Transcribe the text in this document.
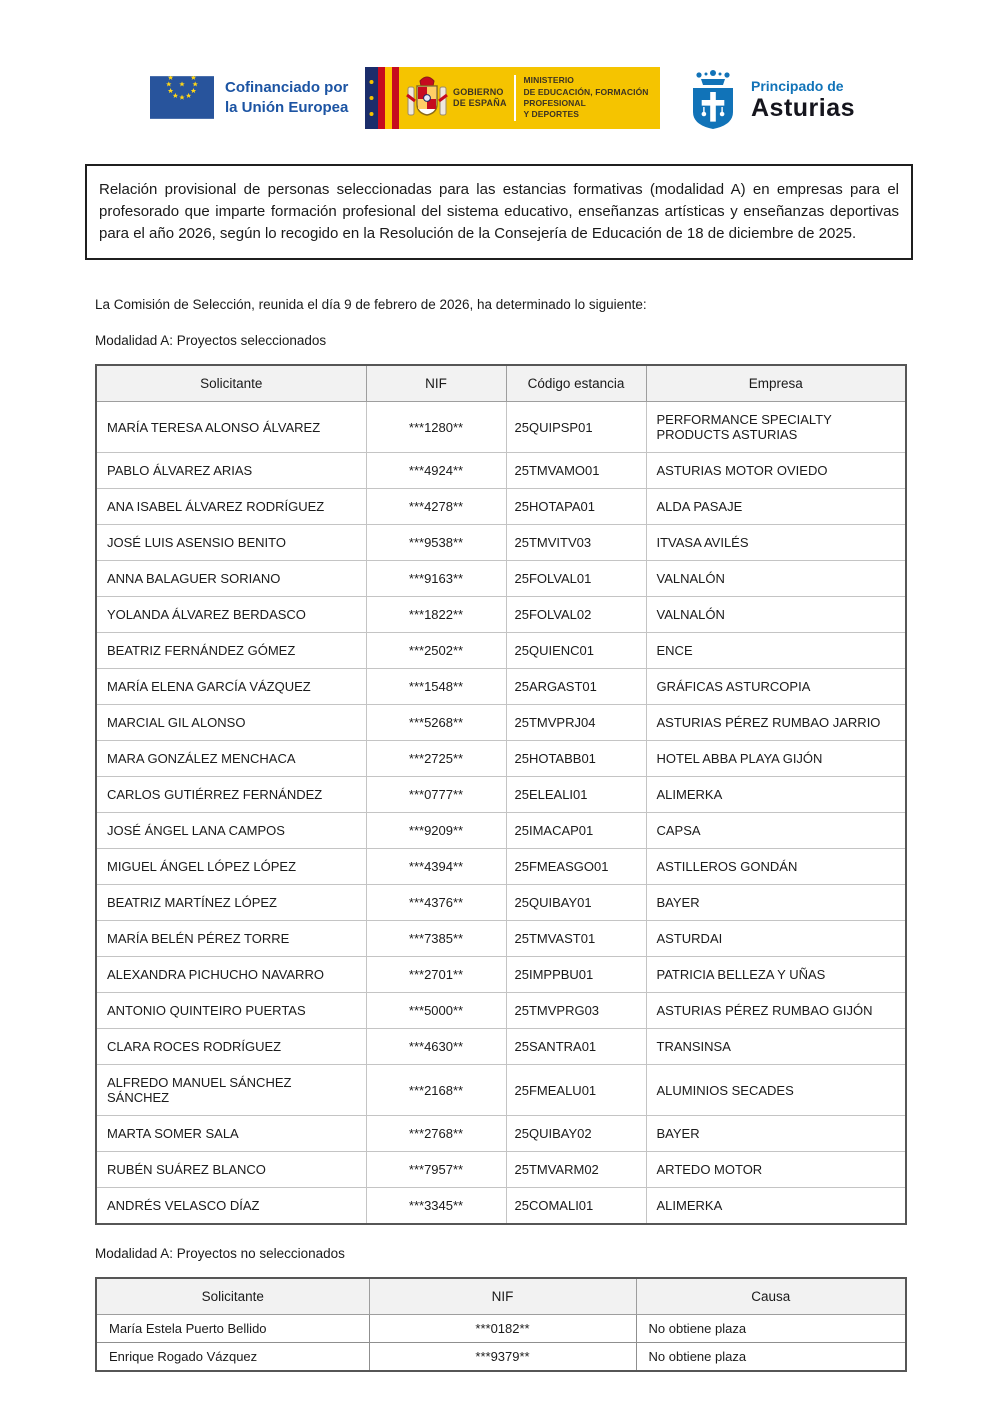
Cofinanciado por
la Unión Europea
GOBIERNO
DE ESPAÑA
MINISTERIO
DE EDUCACIÓN, FORMACIÓN PROFESIONAL
Y DEPORTES
Principado de
Asturias

Relación provisional de personas seleccionadas para las estancias formativas (modalidad A) en empresas para el profesorado que imparte formación profesional del sistema educativo, enseñanzas artísticas y enseñanzas deportivas para el año 2026, según lo recogido en la Resolución de la Consejería de Educación de 18 de diciembre de 2025.

La Comisión de Selección, reunida el día 9 de febrero de 2026, ha determinado lo siguiente:

Modalidad A: Proyectos seleccionados

Solicitante	NIF	Código estancia	Empresa
MARÍA TERESA ALONSO ÁLVAREZ	***1280**	25QUIPSP01	PERFORMANCE SPECIALTY PRODUCTS ASTURIAS
PABLO ÁLVAREZ ARIAS	***4924**	25TMVAMO01	ASTURIAS MOTOR OVIEDO
ANA ISABEL ÁLVAREZ RODRÍGUEZ	***4278**	25HOTAPA01	ALDA PASAJE
JOSÉ LUIS ASENSIO BENITO	***9538**	25TMVITV03	ITVASA AVILÉS
ANNA BALAGUER SORIANO	***9163**	25FOLVAL01	VALNALÓN
YOLANDA ÁLVAREZ BERDASCO	***1822**	25FOLVAL02	VALNALÓN
BEATRIZ FERNÁNDEZ GÓMEZ	***2502**	25QUIENC01	ENCE
MARÍA ELENA GARCÍA VÁZQUEZ	***1548**	25ARGAST01	GRÁFICAS ASTURCOPIA
MARCIAL GIL ALONSO	***5268**	25TMVPRJ04	ASTURIAS PÉREZ RUMBAO JARRIO
MARA GONZÁLEZ MENCHACA	***2725**	25HOTABB01	HOTEL ABBA PLAYA GIJÓN
CARLOS GUTIÉRREZ FERNÁNDEZ	***0777**	25ELEALI01	ALIMERKA
JOSÉ ÁNGEL LANA CAMPOS	***9209**	25IMACAP01	CAPSA
MIGUEL ÁNGEL LÓPEZ LÓPEZ	***4394**	25FMEASGO01	ASTILLEROS GONDÁN
BEATRIZ MARTÍNEZ LÓPEZ	***4376**	25QUIBAY01	BAYER
MARÍA BELÉN PÉREZ TORRE	***7385**	25TMVAST01	ASTURDAI
ALEXANDRA PICHUCHO NAVARRO	***2701**	25IMPPBU01	PATRICIA BELLEZA Y UÑAS
ANTONIO QUINTEIRO PUERTAS	***5000**	25TMVPRG03	ASTURIAS PÉREZ RUMBAO GIJÓN
CLARA ROCES RODRÍGUEZ	***4630**	25SANTRA01	TRANSINSA
ALFREDO MANUEL SÁNCHEZ SÁNCHEZ	***2168**	25FMEALU01	ALUMINIOS SECADES
MARTA SOMER SALA	***2768**	25QUIBAY02	BAYER
RUBÉN SUÁREZ BLANCO	***7957**	25TMVARM02	ARTEDO MOTOR
ANDRÉS VELASCO DÍAZ	***3345**	25COMALI01	ALIMERKA

Modalidad A: Proyectos no seleccionados

Solicitante	NIF	Causa
María Estela Puerto Bellido	***0182**	No obtiene plaza
Enrique Rogado Vázquez	***9379**	No obtiene plaza
